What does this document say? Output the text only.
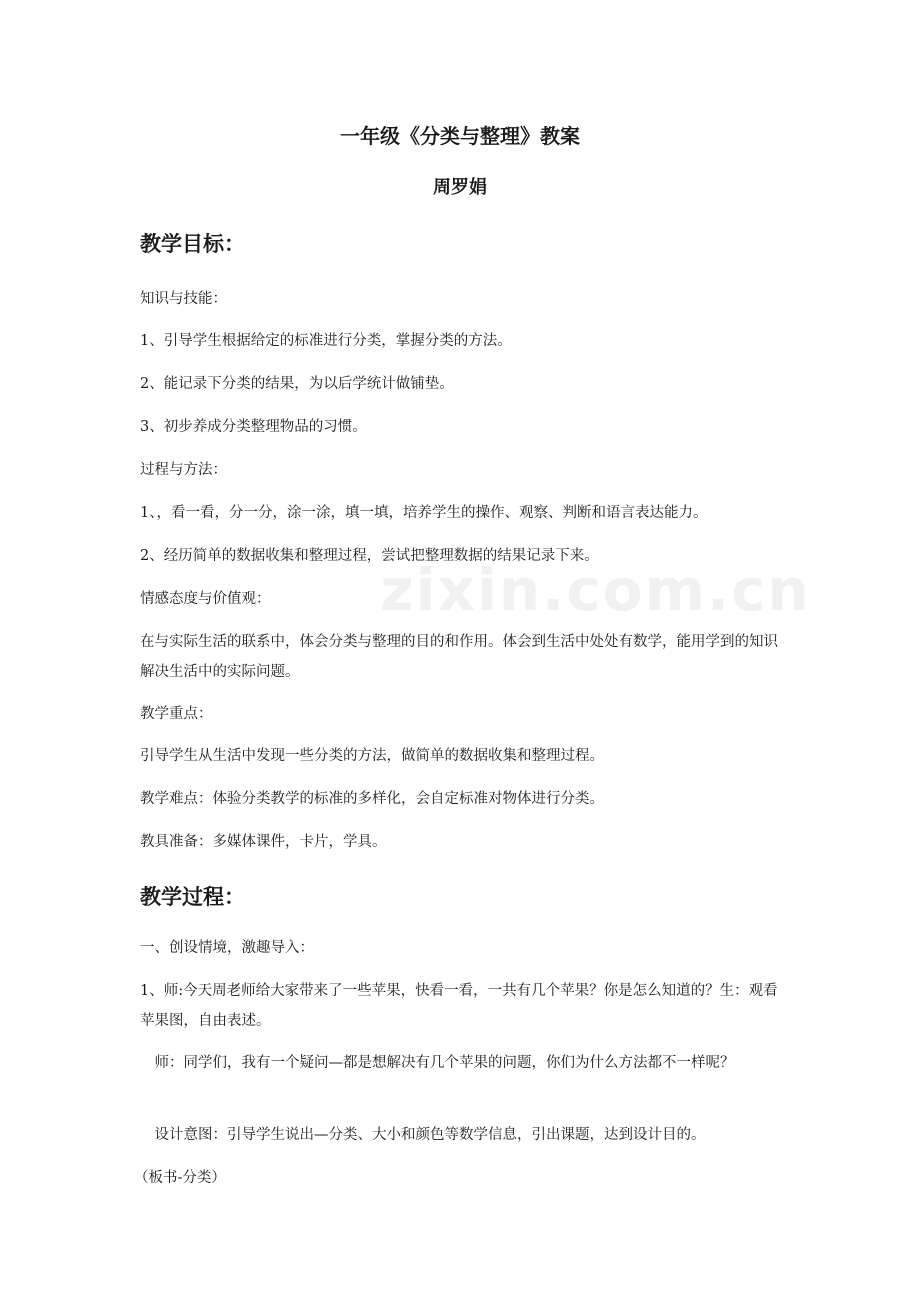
zixin.com.cn
一年级《分类与整理》教案
周罗娟
教学目标：
知识与技能：
1、引导学生根据给定的标准进行分类，掌握分类的方法。
2、能记录下分类的结果，为以后学统计做铺垫。
3、初步养成分类整理物品的习惯。
过程与方法：
1、，看一看，分一分，涂一涂，填一填，培养学生的操作、观察、判断和语言表达能力。
2、经历简单的数据收集和整理过程，尝试把整理数据的结果记录下来。
情感态度与价值观：
在与实际生活的联系中，体会分类与整理的目的和作用。体会到生活中处处有数学，能用学到的知识解决生活中的实际问题。
教学重点：
引导学生从生活中发现一些分类的方法，做简单的数据收集和整理过程。
教学难点：体验分类教学的标准的多样化，会自定标准对物体进行分类。
教具准备：多媒体课件，卡片，学具。
教学过程：
一、创设情境，激趣导入：
1、师:今天周老师给大家带来了一些苹果，快看一看，一共有几个苹果？你是怎么知道的？生：观看苹果图，自由表述。
　师：同学们，我有一个疑问—都是想解决有几个苹果的问题，你们为什么方法都不一样呢？
　设计意图：引导学生说出—分类、大小和颜色等数学信息，引出课题，达到设计目的。
（板书-分类）
